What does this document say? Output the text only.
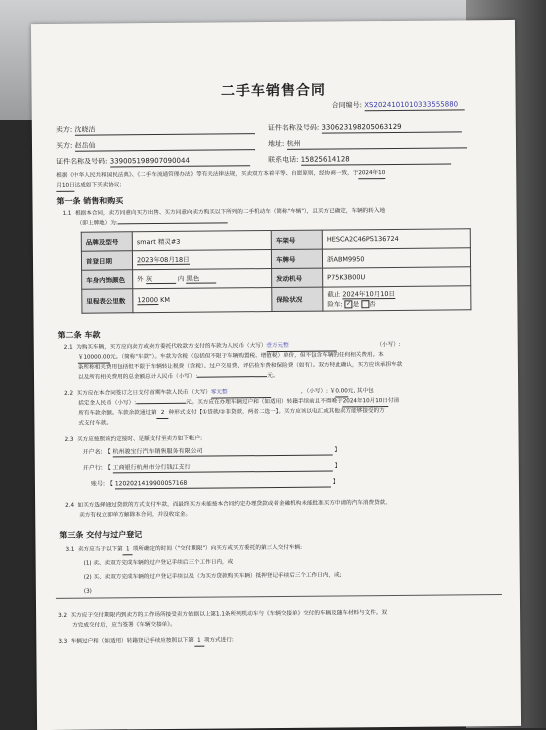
二手车销售合同
合同编号: XS2024101010333555880
卖方: 沈晓洁	证件名称及号码: 330623198205063129
买方: 赵岳仙	地址: 杭州
证件名称及号码: 339005198907090044	联系电话: 15825614128
根据《中华人民共和国民法典》、《二手车流通管理办法》等有关法律法规，买卖双方本着平等、自愿原则，经协商一致，于2024年10
月10日达成如下买卖协议:
第一条 销售和购买
1.1 根据本合同，卖方同意向买方出售、买方同意向卖方购买以下所列的二手机动车（简称"车辆"），且买方已确定，车辆的转入地
（即上牌地）为:
品牌及型号	smart 精灵#3	车架号	HESCA2C46PS136724
首登日期	2023年08月18日	车牌号	浙ABM9950
车身内饰颜色	外 灰 内 黑色	发动机号	P75K3B00U
里程表公里数	12000 KM	保险状况	截止 2024年10月10日
险车: ✓是 否
第二条 车款
2.1 为购买车辆，买方应向卖方或卖方委托代收款方支付的车款为人民币（大写）壹万元整	（小写）:
￥10000.00元。（简称"车款"）。车款为含税（包括但不限于车辆购置税、增值税）单价，但不包含车辆的任何相关费用。本
条所称相关费用包括但不限于车辆转让税费（含税）、过户交易费、评估检车费和保险费（如有）。双方特此确认，买方应该承担车款
以及所有相关费用的总金额总计人民币（小写）:	元。
2.2 买方应在本合同签订之日支付首期车款人民币（大写）零元整	，（小写）: ￥0.00元, 其中包
括定金人民币（小写）:	元。买方应在办理车辆过户和（如适用）转籍手续前且不得晚于2024年10月10日付清
所有车款余额。车款余款通过第 2 种形式支付【①贷款/②非贷款，两者二选一】。买方应该以电汇或其他卖方能够接受的方
式支付车款。
2.3 买方应按照该约定按时、足额支付至卖方如下帐户:
开户名: 【 杭州骏宝行汽车销售服务有限公司	】
开户行: 【 工商银行杭州市分行钱江支行	】
账号: 【 1202021419900057168	】
2.4 如买方选择通过贷款的方式支付车款，而最终买方未能按本合同约定办理贷款或者金融机构未能批准买方申请的汽车消费贷款，
卖方有权立即单方解除本合同，并没收定金。
第三条 交付与过户登记
3.1 卖方应当于以下第 1 项所确定的时间（"交付期限"）向买方或买方委托的第三人交付车辆:
(1) 卖、卖双方完成车辆的过户登记手续后三个工作日内，或
(2) 买、卖双方完成车辆的过户登记手续以及（为买方贷款购买车辆）抵押登记手续后三个工作日内，或;
(3)
3.2 买方应于交付期限内到卖方的工作场所接受卖方依据以上第1.1条所列机动车与《车辆交接单》交付的车辆及随车材料与文件。双
方完成交付后，应当签署《车辆交接单》。
3.3 车辆过户和（如适用）转籍登记手续应按照以下第 1 项方式进行:
